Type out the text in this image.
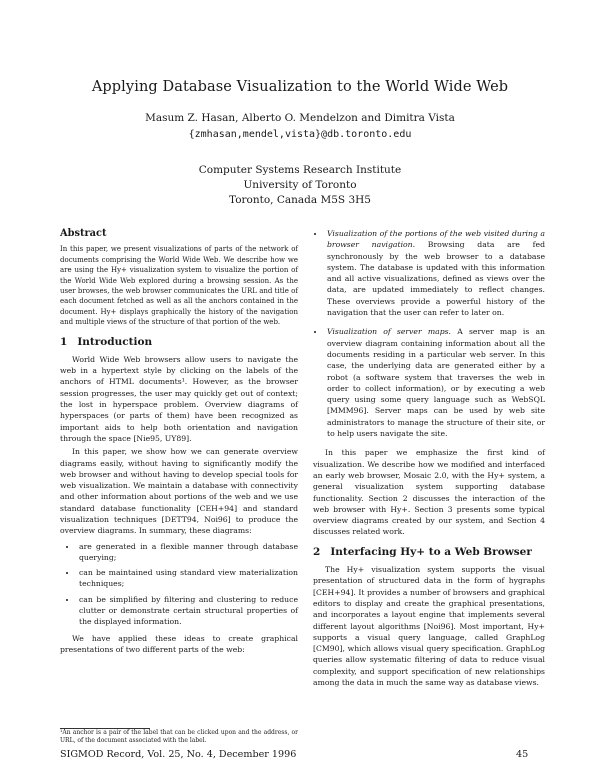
Applying Database Visualization to the World Wide Web
Masum Z. Hasan, Alberto O. Mendelzon and Dimitra Vista
{zmhasan,mendel,vista}@db.toronto.edu
Computer Systems Research Institute
University of Toronto
Toronto, Canada M5S 3H5
Abstract

In this paper, we present visualizations of parts of the network of documents comprising the World Wide Web. We describe how we are using the Hy+ visualization system to visualize the portion of the World Wide Web explored during a browsing session. As the user browses, the web browser communicates the URL and title of each document fetched as well as all the anchors contained in the document. Hy+ displays graphically the history of the navigation and multiple views of the structure of that portion of the web.

1 Introduction

World Wide Web browsers allow users to navigate the web in a hypertext style by clicking on the labels of the anchors of HTML documents¹. However, as the browser session progresses, the user may quickly get out of context; the lost in hyperspace problem. Overview diagrams of hyperspaces (or parts of them) have been recognized as important aids to help both orientation and navigation through the space [Nie95, UY89].

In this paper, we show how we can generate overview diagrams easily, without having to significantly modify the web browser and without having to develop special tools for web visualization. We maintain a database with connectivity and other information about portions of the web and we use standard database functionality [CEH+94] and standard visualization techniques [DETT94, Noi96] to produce the overview diagrams. In summary, these diagrams:

• are generated in a flexible manner through database querying;
• can be maintained using standard view materialization techniques;
• can be simplified by filtering and clustering to reduce clutter or demonstrate certain structural properties of the displayed information.

We have applied these ideas to create graphical presentations of two different parts of the web:

¹An anchor is a pair of the label that can be clicked upon and the address, or URL, of the document associated with the label.
• Visualization of the portions of the web visited during a browser navigation. Browsing data are fed synchronously by the web browser to a database system. The database is updated with this information and all active visualizations, defined as views over the data, are updated immediately to reflect changes. These overviews provide a powerful history of the navigation that the user can refer to later on.
• Visualization of server maps. A server map is an overview diagram containing information about all the documents residing in a particular web server. In this case, the underlying data are generated either by a robot (a software system that traverses the web in order to collect information), or by executing a web query using some query language such as WebSQL [MMM96]. Server maps can be used by web site administrators to manage the structure of their site, or to help users navigate the site.

In this paper we emphasize the first kind of visualization. We describe how we modified and interfaced an early web browser, Mosaic 2.0, with the Hy+ system, a general visualization system supporting database functionality. Section 2 discusses the interaction of the web browser with Hy+. Section 3 presents some typical overview diagrams created by our system, and Section 4 discusses related work.

2 Interfacing Hy+ to a Web Browser

The Hy+ visualization system supports the visual presentation of structured data in the form of hygraphs [CEH+94]. It provides a number of browsers and graphical editors to display and create the graphical presentations, and incorporates a layout engine that implements several different layout algorithms [Noi96]. Most important, Hy+ supports a visual query language, called GraphLog [CM90], which allows visual query specification. GraphLog queries allow systematic filtering of data to reduce visual complexity, and support specification of new relationships among the data in much the same way as database views.

SIGMOD Record, Vol. 25, No. 4, December 1996	45
